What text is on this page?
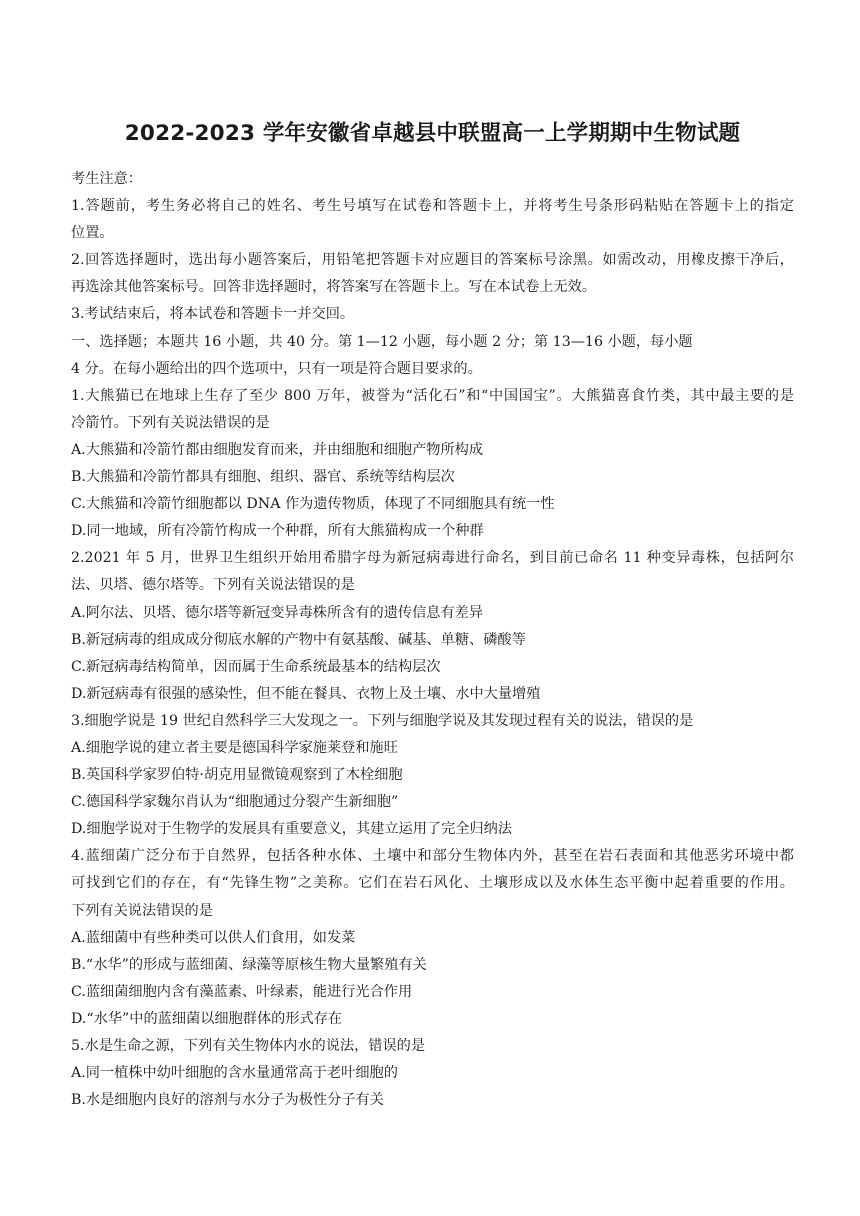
2022-2023 学年安徽省卓越县中联盟高一上学期期中生物试题
考生注意：
1.答题前，考生务必将自己的姓名、考生号填写在试卷和答题卡上，并将考生号条形码粘贴在答题卡上的指定
位置。
2.回答选择题时，选出每小题答案后，用铅笔把答题卡对应题目的答案标号涂黑。如需改动，用橡皮擦干净后，
再选涂其他答案标号。回答非选择题时，将答案写在答题卡上。写在本试卷上无效。
3.考试结束后，将本试卷和答题卡一并交回。
一、选择题；本题共 16 小题，共 40 分。第 1—12 小题，每小题 2 分；第 13—16 小题，每小题
4 分。在每小题给出的四个选项中，只有一项是符合题目要求的。
1.大熊猫已在地球上生存了至少 800 万年，被誉为“活化石”和“中国国宝”。大熊猫喜食竹类，其中最主要的是
冷箭竹。下列有关说法错误的是
A.大熊猫和冷箭竹都由细胞发育而来，并由细胞和细胞产物所构成
B.大熊猫和冷箭竹都具有细胞、组织、器官、系统等结构层次
C.大熊猫和冷箭竹细胞都以 DNA 作为遗传物质，体现了不同细胞具有统一性
D.同一地域，所有冷箭竹构成一个种群，所有大熊猫构成一个种群
2.2021 年 5 月，世界卫生组织开始用希腊字母为新冠病毒进行命名，到目前已命名 11 种变异毒株，包括阿尔
法、贝塔、德尔塔等。下列有关说法错误的是
A.阿尔法、贝塔、德尔塔等新冠变异毒株所含有的遗传信息有差异
B.新冠病毒的组成成分彻底水解的产物中有氨基酸、碱基、单糖、磷酸等
C.新冠病毒结构简单，因而属于生命系统最基本的结构层次
D.新冠病毒有很强的感染性，但不能在餐具、衣物上及土壤、水中大量增殖
3.细胞学说是 19 世纪自然科学三大发现之一。下列与细胞学说及其发现过程有关的说法，错误的是
A.细胞学说的建立者主要是德国科学家施莱登和施旺
B.英国科学家罗伯特·胡克用显微镜观察到了木栓细胞
C.德国科学家魏尔肖认为“细胞通过分裂产生新细胞”
D.细胞学说对于生物学的发展具有重要意义，其建立运用了完全归纳法
4.蓝细菌广泛分布于自然界，包括各种水体、土壤中和部分生物体内外，甚至在岩石表面和其他恶劣环境中都
可找到它们的存在，有“先锋生物”之美称。它们在岩石风化、土壤形成以及水体生态平衡中起着重要的作用。
下列有关说法错误的是
A.蓝细菌中有些种类可以供人们食用，如发菜
B.“水华”的形成与蓝细菌、绿藻等原核生物大量繁殖有关
C.蓝细菌细胞内含有藻蓝素、叶绿素，能进行光合作用
D.“水华”中的蓝细菌以细胞群体的形式存在
5.水是生命之源，下列有关生物体内水的说法，错误的是
A.同一植株中幼叶细胞的含水量通常高于老叶细胞的
B.水是细胞内良好的溶剂与水分子为极性分子有关
